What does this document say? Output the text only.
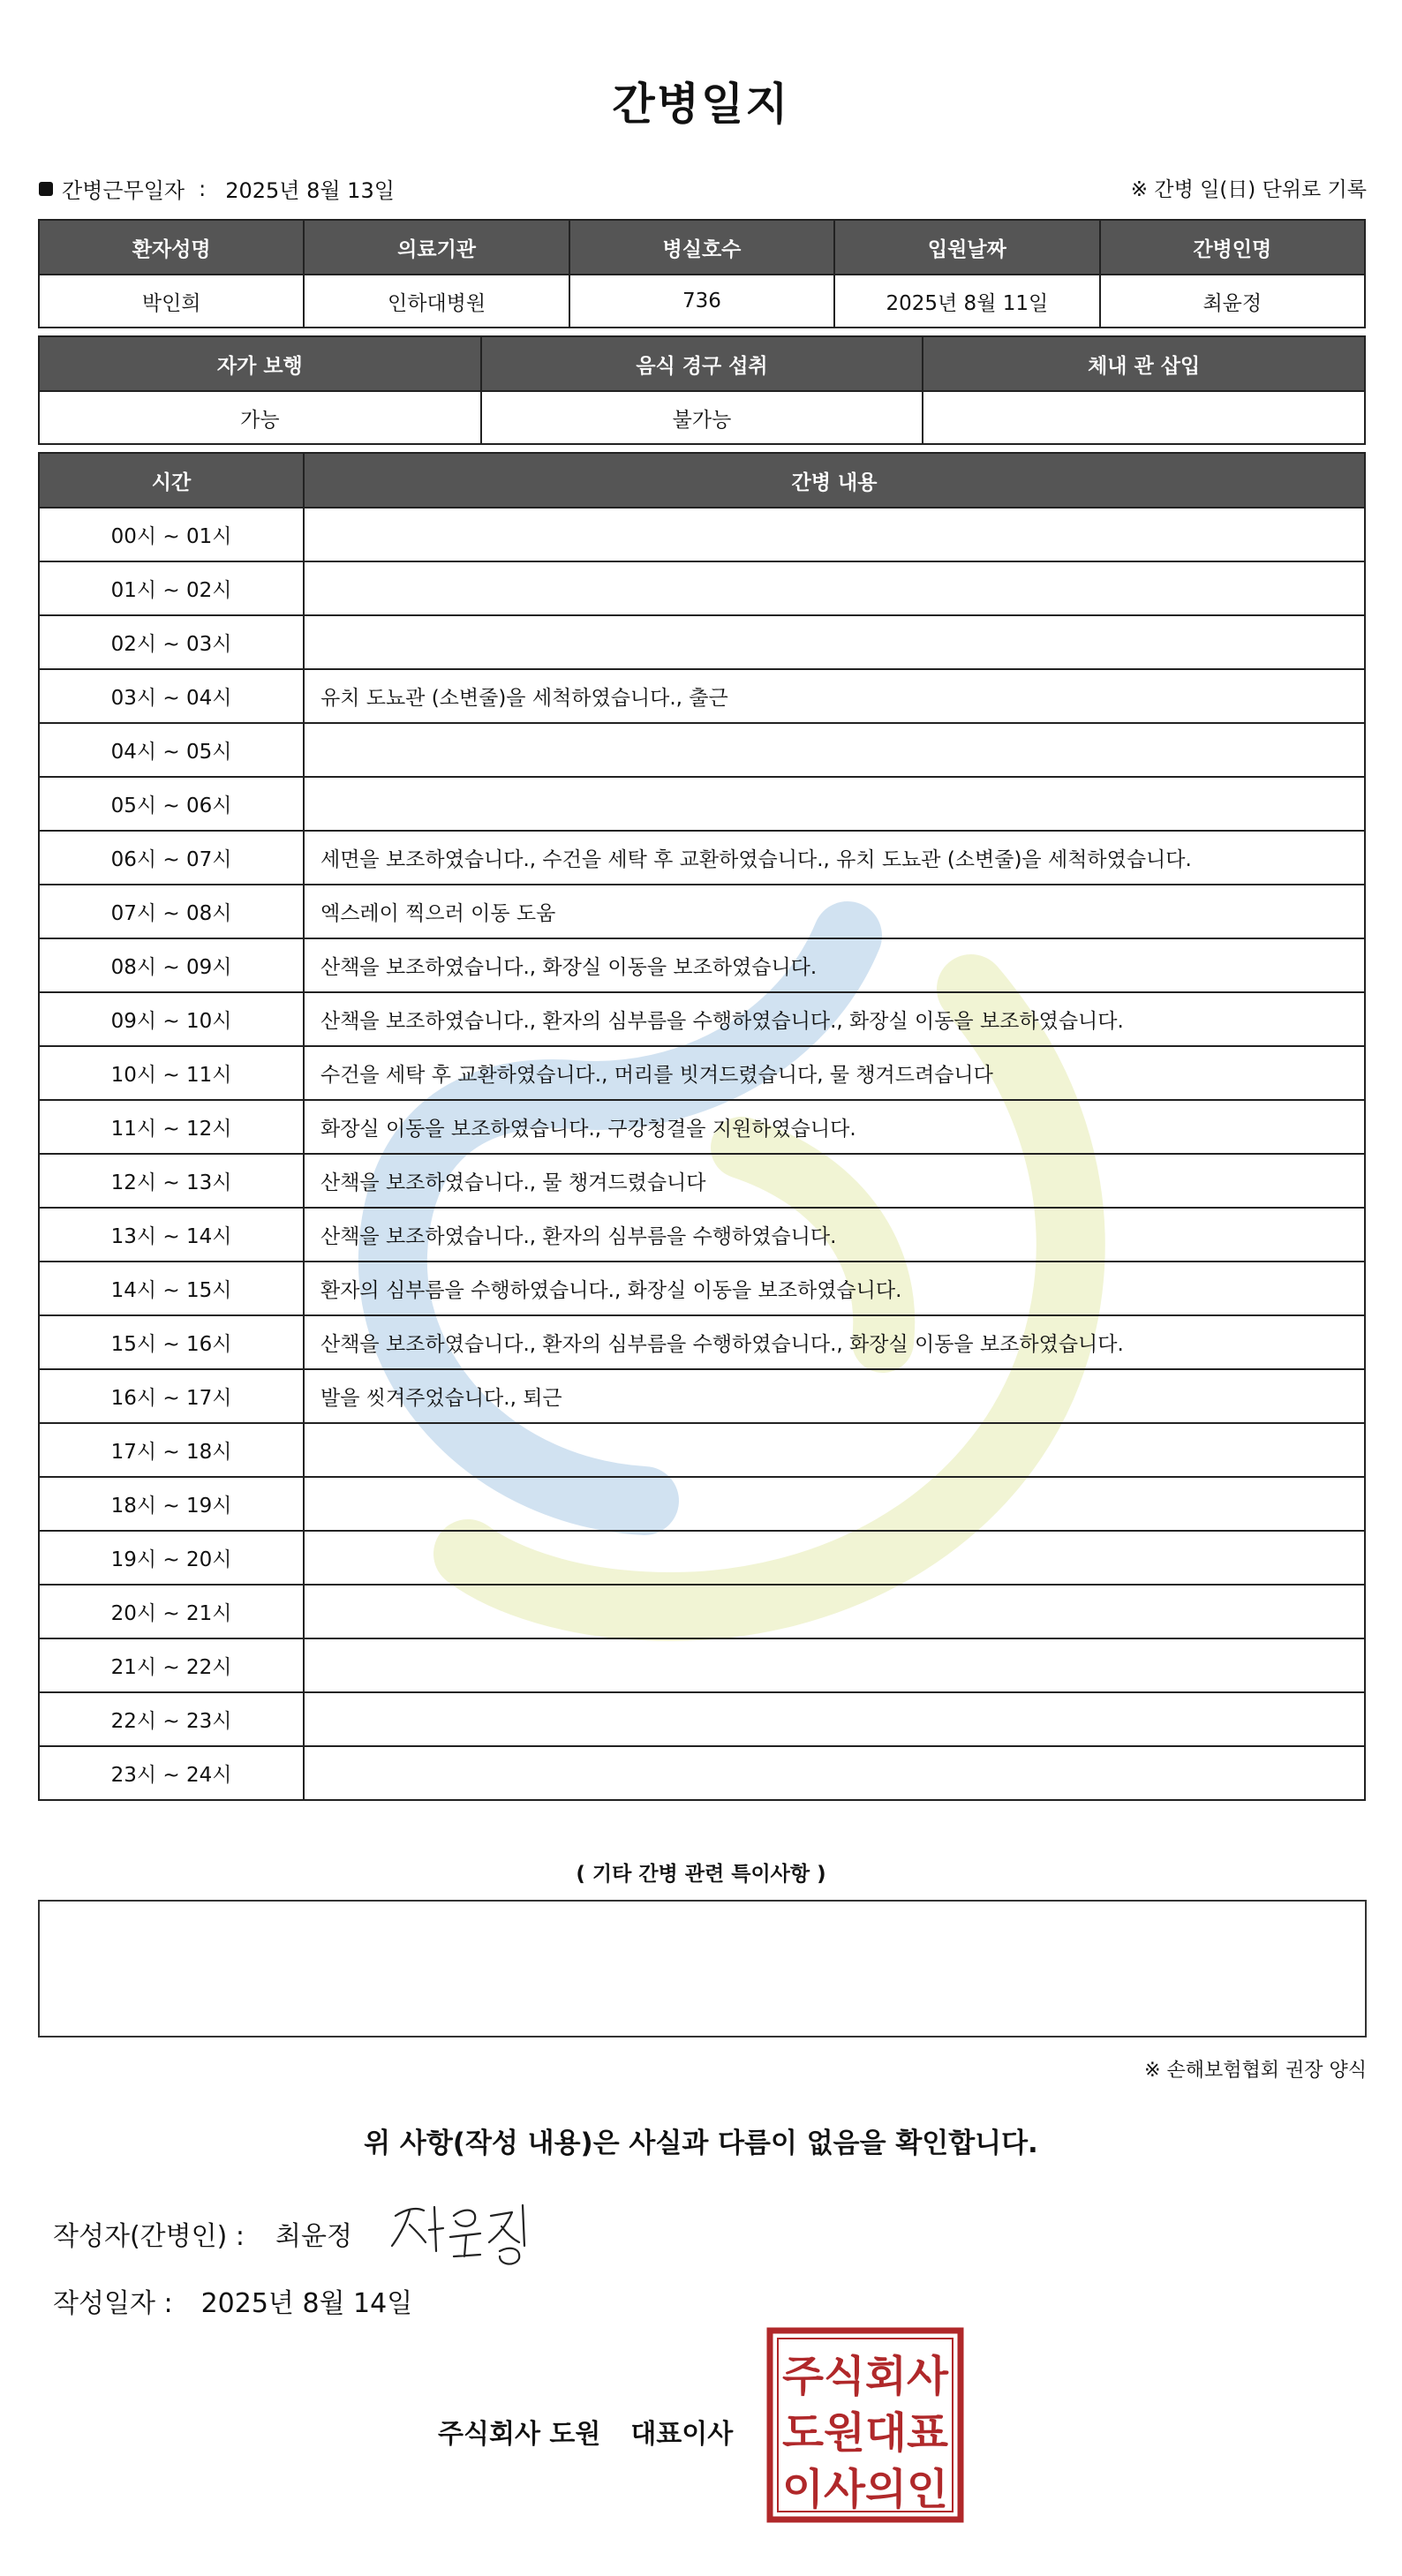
간병일지
간병근무일자 : 2025년 8월 13일	※ 간병 일(日) 단위로 기록
환자성명	의료기관	병실호수	입원날짜	간병인명
박인희	인하대병원	736	2025년 8월 11일	최윤정
자가 보행	음식 경구 섭취	체내 관 삽입
가능	불가능	
시간	간병 내용
00시 ~ 01시	
01시 ~ 02시	
02시 ~ 03시	
03시 ~ 04시	유치 도뇨관 (소변줄)을 세척하였습니다., 출근
04시 ~ 05시	
05시 ~ 06시	
06시 ~ 07시	세면을 보조하였습니다., 수건을 세탁 후 교환하였습니다., 유치 도뇨관 (소변줄)을 세척하였습니다.
07시 ~ 08시	엑스레이 찍으러 이동 도움
08시 ~ 09시	산책을 보조하였습니다., 화장실 이동을 보조하였습니다.
09시 ~ 10시	산책을 보조하였습니다., 환자의 심부름을 수행하였습니다., 화장실 이동을 보조하였습니다.
10시 ~ 11시	수건을 세탁 후 교환하였습니다., 머리를 빗겨드렸습니다, 물 챙겨드려습니다
11시 ~ 12시	화장실 이동을 보조하였습니다., 구강청결을 지원하였습니다.
12시 ~ 13시	산책을 보조하였습니다., 물 챙겨드렸습니다
13시 ~ 14시	산책을 보조하였습니다., 환자의 심부름을 수행하였습니다.
14시 ~ 15시	환자의 심부름을 수행하였습니다., 화장실 이동을 보조하였습니다.
15시 ~ 16시	산책을 보조하였습니다., 환자의 심부름을 수행하였습니다., 화장실 이동을 보조하였습니다.
16시 ~ 17시	발을 씻겨주었습니다., 퇴근
17시 ~ 18시	
18시 ~ 19시	
19시 ~ 20시	
20시 ~ 21시	
21시 ~ 22시	
22시 ~ 23시	
23시 ~ 24시	
( 기타 간병 관련 특이사항 )
※ 손해보험협회 권장 양식
위 사항(작성 내용)은 사실과 다름이 없음을 확인합니다.
작성자(간병인) :	최윤정
작성일자 : 2025년 8월 14일
주식회사 도원 대표이사
주식회사
도원대표
이사의인
